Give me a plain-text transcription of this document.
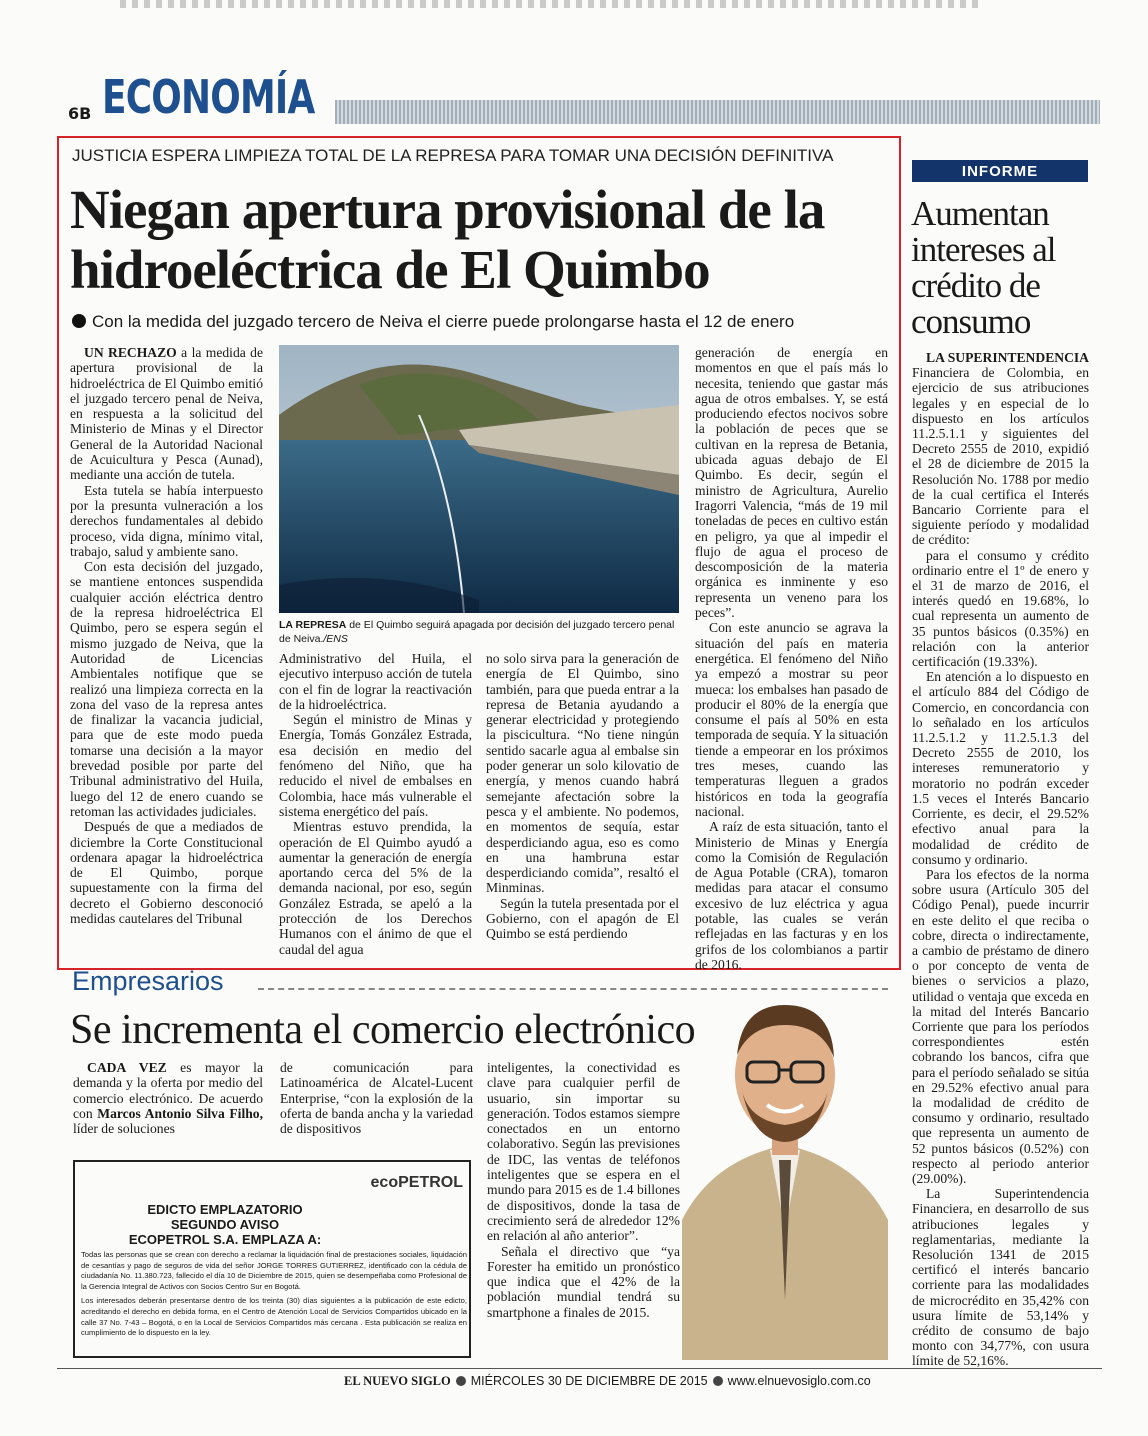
6B ECONOMÍA
JUSTICIA ESPERA LIMPIEZA TOTAL DE LA REPRESA PARA TOMAR UNA DECISIÓN DEFINITIVA
Niegan apertura provisional de la hidroeléctrica de El Quimbo
Con la medida del juzgado tercero de Neiva el cierre puede prolongarse hasta el 12 de enero

UN RECHAZO a la medida de apertura provisional de la hidroeléctrica de El Quimbo emitió el juzgado tercero penal de Neiva, en respuesta a la solicitud del Ministerio de Minas y el Director General de la Autoridad Nacional de Acuicultura y Pesca (Aunad), mediante una acción de tutela.

Esta tutela se había interpuesto por la presunta vulneración a los derechos fundamentales al debido proceso, vida digna, mínimo vital, trabajo, salud y ambiente sano.

Con esta decisión del juzgado, se mantiene entonces suspendida cualquier acción eléctrica dentro de la represa hidroeléctrica El Quimbo, pero se espera según el mismo juzgado de Neiva, que la Autoridad de Licencias Ambientales notifique que se realizó una limpieza correcta en la zona del vaso de la represa antes de finalizar la vacancia judicial, para que de este modo pueda tomarse una decisión a la mayor brevedad posible por parte del Tribunal administrativo del Huila, luego del 12 de enero cuando se retoman las actividades judiciales.

Después de que a mediados de diciembre la Corte Constitucional ordenara apagar la hidroeléctrica de El Quimbo, porque supuestamente con la firma del decreto el Gobierno desconoció medidas cautelares del Tribunal

LA REPRESA de El Quimbo seguirá apagada por decisión del juzgado tercero penal de Neiva./ENS

Administrativo del Huila, el ejecutivo interpuso acción de tutela con el fin de lograr la reactivación de la hidroeléctrica.

Según el ministro de Minas y Energía, Tomás González Estrada, esa decisión en medio del fenómeno del Niño, que ha reducido el nivel de embalses en Colombia, hace más vulnerable el sistema energético del país.

Mientras estuvo prendida, la operación de El Quimbo ayudó a aumentar la generación de energía aportando cerca del 5% de la demanda nacional, por eso, según González Estrada, se apeló a la protección de los Derechos Humanos con el ánimo de que el caudal del agua

no solo sirva para la generación de energía de El Quimbo, sino también, para que pueda entrar a la represa de Betania ayudando a generar electricidad y protegiendo la piscicultura. “No tiene ningún sentido sacarle agua al embalse sin poder generar un solo kilovatio de energía, y menos cuando habrá semejante afectación sobre la pesca y el ambiente. No podemos, en momentos de sequía, estar desperdiciando agua, eso es como en una hambruna estar desperdiciando comida”, resaltó el Minminas.

Según la tutela presentada por el Gobierno, con el apagón de El Quimbo se está perdiendo

generación de energía en momentos en que el país más lo necesita, teniendo que gastar más agua de otros embalses. Y, se está produciendo efectos nocivos sobre la población de peces que se cultivan en la represa de Betania, ubicada aguas debajo de El Quimbo. Es decir, según el ministro de Agricultura, Aurelio Iragorri Valencia, “más de 19 mil toneladas de peces en cultivo están en peligro, ya que al impedir el flujo de agua el proceso de descomposición de la materia orgánica es inminente y eso representa un veneno para los peces”.

Con este anuncio se agrava la situación del país en materia energética. El fenómeno del Niño ya empezó a mostrar su peor mueca: los embalses han pasado de producir el 80% de la energía que consume el país al 50% en esta temporada de sequía. Y la situación tiende a empeorar en los próximos tres meses, cuando las temperaturas lleguen a grados históricos en toda la geografía nacional.

A raíz de esta situación, tanto el Ministerio de Minas y Energía como la Comisión de Regulación de Agua Potable (CRA), tomaron medidas para atacar el consumo excesivo de luz eléctrica y agua potable, las cuales se verán reflejadas en las facturas y en los grifos de los colombianos a partir de 2016.

INFORME
Aumentan intereses al crédito de consumo

LA SUPERINTENDENCIA Financiera de Colombia, en ejercicio de sus atribuciones legales y en especial de lo dispuesto en los artículos 11.2.5.1.1 y siguientes del Decreto 2555 de 2010, expidió el 28 de diciembre de 2015 la Resolución No. 1788 por medio de la cual certifica el Interés Bancario Corriente para el siguiente período y modalidad de crédito:

para el consumo y crédito ordinario entre el 1º de enero y el 31 de marzo de 2016, el interés quedó en 19.68%, lo cual representa un aumento de 35 puntos básicos (0.35%) en relación con la anterior certificación (19.33%).

En atención a lo dispuesto en el artículo 884 del Código de Comercio, en concordancia con lo señalado en los artículos 11.2.5.1.2 y 11.2.5.1.3 del Decreto 2555 de 2010, los intereses remuneratorio y moratorio no podrán exceder 1.5 veces el Interés Bancario Corriente, es decir, el 29.52% efectivo anual para la modalidad de crédito de consumo y ordinario.

Para los efectos de la norma sobre usura (Artículo 305 del Código Penal), puede incurrir en este delito el que reciba o cobre, directa o indirectamente, a cambio de préstamo de dinero o por concepto de venta de bienes o servicios a plazo, utilidad o ventaja que exceda en la mitad del Interés Bancario Corriente que para los períodos correspondientes estén cobrando los bancos, cifra que para el período señalado se sitúa en 29.52% efectivo anual para la modalidad de crédito de consumo y ordinario, resultado que representa un aumento de 52 puntos básicos (0.52%) con respecto al periodo anterior (29.00%).

La Superintendencia Financiera, en desarrollo de sus atribuciones legales y reglamentarias, mediante la Resolución 1341 de 2015 certificó el interés bancario corriente para las modalidades de microcrédito en 35,42% con usura límite de 53,14% y crédito de consumo de bajo monto con 34,77%, con usura límite de 52,16%.

Empresarios
Se incrementa el comercio electrónico

CADA VEZ es mayor la demanda y la oferta por medio del comercio electrónico. De acuerdo con Marcos Antonio Silva Filho, líder de soluciones

de comunicación para Latinoamérica de Alcatel-Lucent Enterprise, “con la explosión de la oferta de banda ancha y la variedad de dispositivos

inteligentes, la conectividad es clave para cualquier perfil de usuario, sin importar su generación. Todos estamos siempre conectados en un entorno colaborativo. Según las previsiones de IDC, las ventas de teléfonos inteligentes que se espera en el mundo para 2015 es de 1.4 billones de dispositivos, donde la tasa de crecimiento será de alrededor 12% en relación al año anterior”.

Señala el directivo que “ya Forester ha emitido un pronóstico que indica que el 42% de la población mundial tendrá su smartphone a finales de 2015.

ecoPETROL
EDICTO EMPLAZATORIO
SEGUNDO AVISO
ECOPETROL S.A. EMPLAZA A:

Todas las personas que se crean con derecho a reclamar la liquidación final de prestaciones sociales, liquidación de cesantías y pago de seguros de vida del señor JORGE TORRES GUTIERREZ, identificado con la cédula de ciudadanía No. 11.380.723, fallecido el día 10 de Diciembre de 2015, quien se desempeñaba como Profesional de la Gerencia Integral de Activos con Socios Centro Sur en Bogotá.

Los interesados deberán presentarse dentro de los treinta (30) días siguientes a la publicación de este edicto, acreditando el derecho en debida forma, en el Centro de Atención Local de Servicios Compartidos ubicado en la calle 37 No. 7-43 – Bogotá, o en la Local de Servicios Compartidos más cercana . Esta publicación se realiza en cumplimiento de lo dispuesto en la ley.

EL NUEVO SIGLO MIÉRCOLES 30 DE DICIEMBRE DE 2015 www.elnuevosiglo.com.co
